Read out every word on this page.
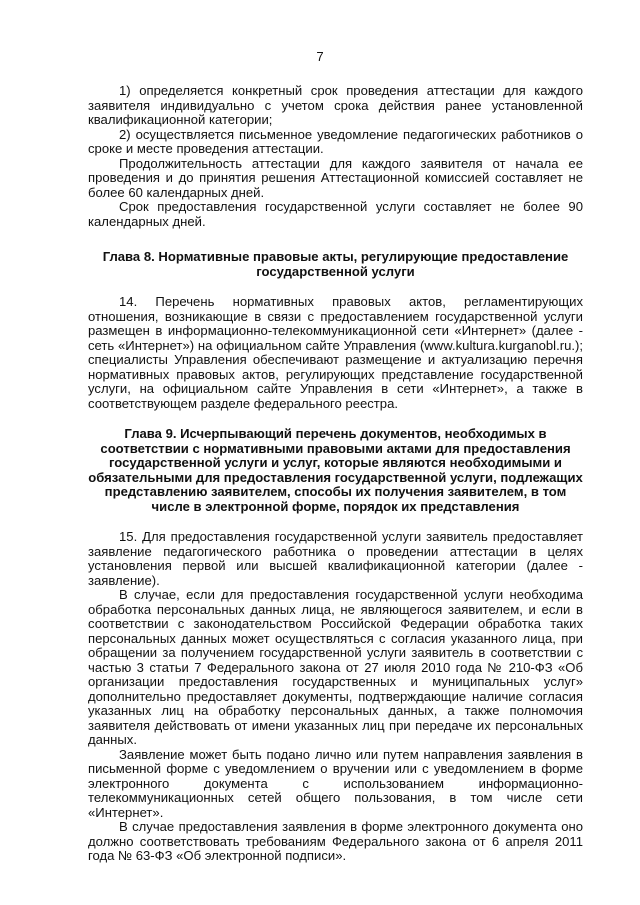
7

1) определяется конкретный срок проведения аттестации для каждого заявителя индивидуально с учетом срока действия ранее установленной квалификационной категории;

2) осуществляется письменное уведомление педагогических работников о сроке и месте проведения аттестации.

Продолжительность аттестации для каждого заявителя от начала ее проведения и до принятия решения Аттестационной комиссией составляет не более 60 календарных дней.

Срок предоставления государственной услуги составляет не более 90 календарных дней.

Глава 8. Нормативные правовые акты, регулирующие предоставление государственной услуги

14. Перечень нормативных правовых актов, регламентирующих отношения, возникающие в связи с предоставлением государственной услуги размещен в информационно-телекоммуникационной сети «Интернет» (далее - сеть «Интернет») на официальном сайте Управления (www.kultura.kurganobl.ru.); специалисты Управления обеспечивают размещение и актуализацию перечня нормативных правовых актов, регулирующих представление государственной услуги, на официальном сайте Управления в сети «Интернет», а также в соответствующем разделе федерального реестра.

Глава 9. Исчерпывающий перечень документов, необходимых в соответствии с нормативными правовыми актами для предоставления государственной услуги и услуг, которые являются необходимыми и обязательными для предоставления государственной услуги, подлежащих представлению заявителем, способы их получения заявителем, в том числе в электронной форме, порядок их представления

15. Для предоставления государственной услуги заявитель предоставляет заявление педагогического работника о проведении аттестации в целях установления первой или высшей квалификационной категории (далее - заявление).

В случае, если для предоставления государственной услуги необходима обработка персональных данных лица, не являющегося заявителем, и если в соответствии с законодательством Российской Федерации обработка таких персональных данных может осуществляться с согласия указанного лица, при обращении за получением государственной услуги заявитель в соответствии с частью 3 статьи 7 Федерального закона от 27 июля 2010 года № 210-ФЗ «Об организации предоставления государственных и муниципальных услуг» дополнительно предоставляет документы, подтверждающие наличие согласия указанных лиц на обработку персональных данных, а также полномочия заявителя действовать от имени указанных лиц при передаче их персональных данных.

Заявление может быть подано лично или путем направления заявления в письменной форме с уведомлением о вручении или с уведомлением в форме электронного документа с использованием информационно-телекоммуникационных сетей общего пользования, в том числе сети «Интернет».

В случае предоставления заявления в форме электронного документа оно должно соответствовать требованиям Федерального закона от 6 апреля 2011 года № 63-ФЗ «Об электронной подписи».
